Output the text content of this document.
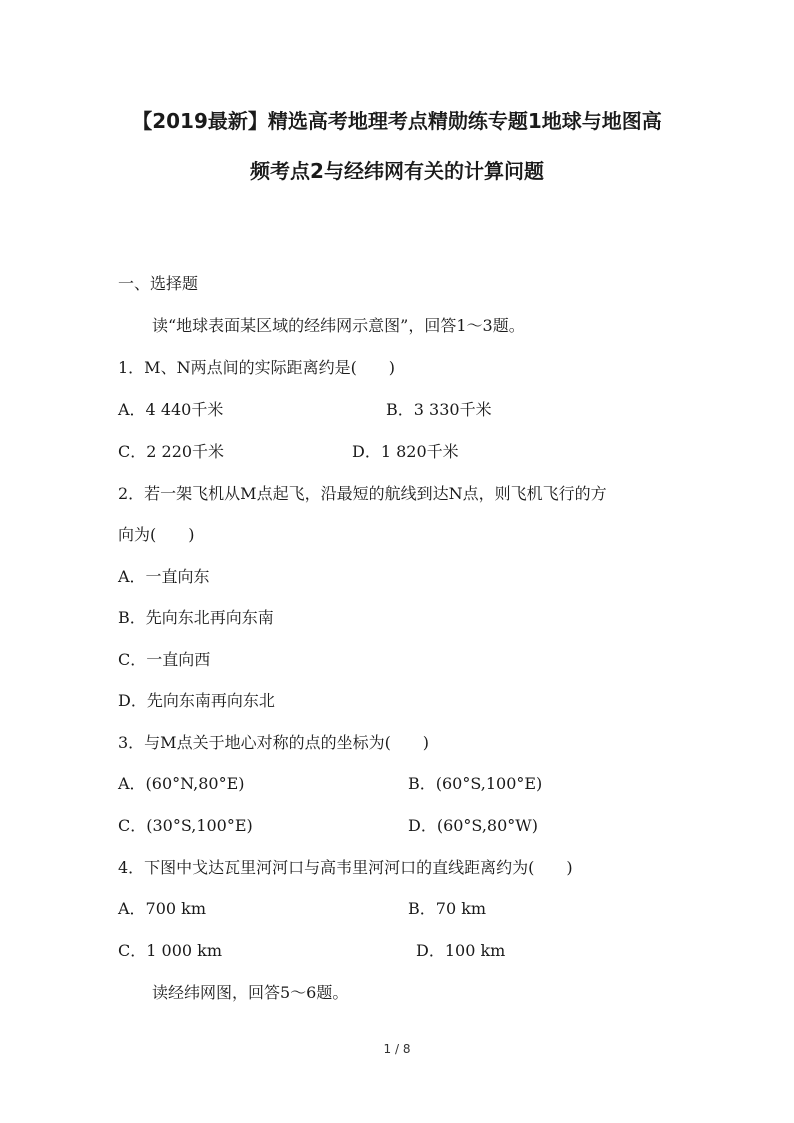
【2019最新】精选高考地理考点精勋练专题1地球与地图高
频考点2与经纬网有关的计算问题
一、选择题
读“地球表面某区域的经纬网示意图”，回答1～3题。
1．M、N两点间的实际距离约是(　　)
A．4 440千米	B．3 330千米
C．2 220千米	D．1 820千米
2．若一架飞机从M点起飞，沿最短的航线到达N点，则飞机飞行的方
向为(　　)
A．一直向东
B．先向东北再向东南
C．一直向西
D．先向东南再向东北
3．与M点关于地心对称的点的坐标为(　　)
A．(60°N,80°E)	B．(60°S,100°E)
C．(30°S,100°E)	D．(60°S,80°W)
4．下图中戈达瓦里河河口与高韦里河河口的直线距离约为(　　)
A．700 km	B．70 km
C．1 000 km	D．100 km
读经纬网图，回答5～6题。
1 / 8
